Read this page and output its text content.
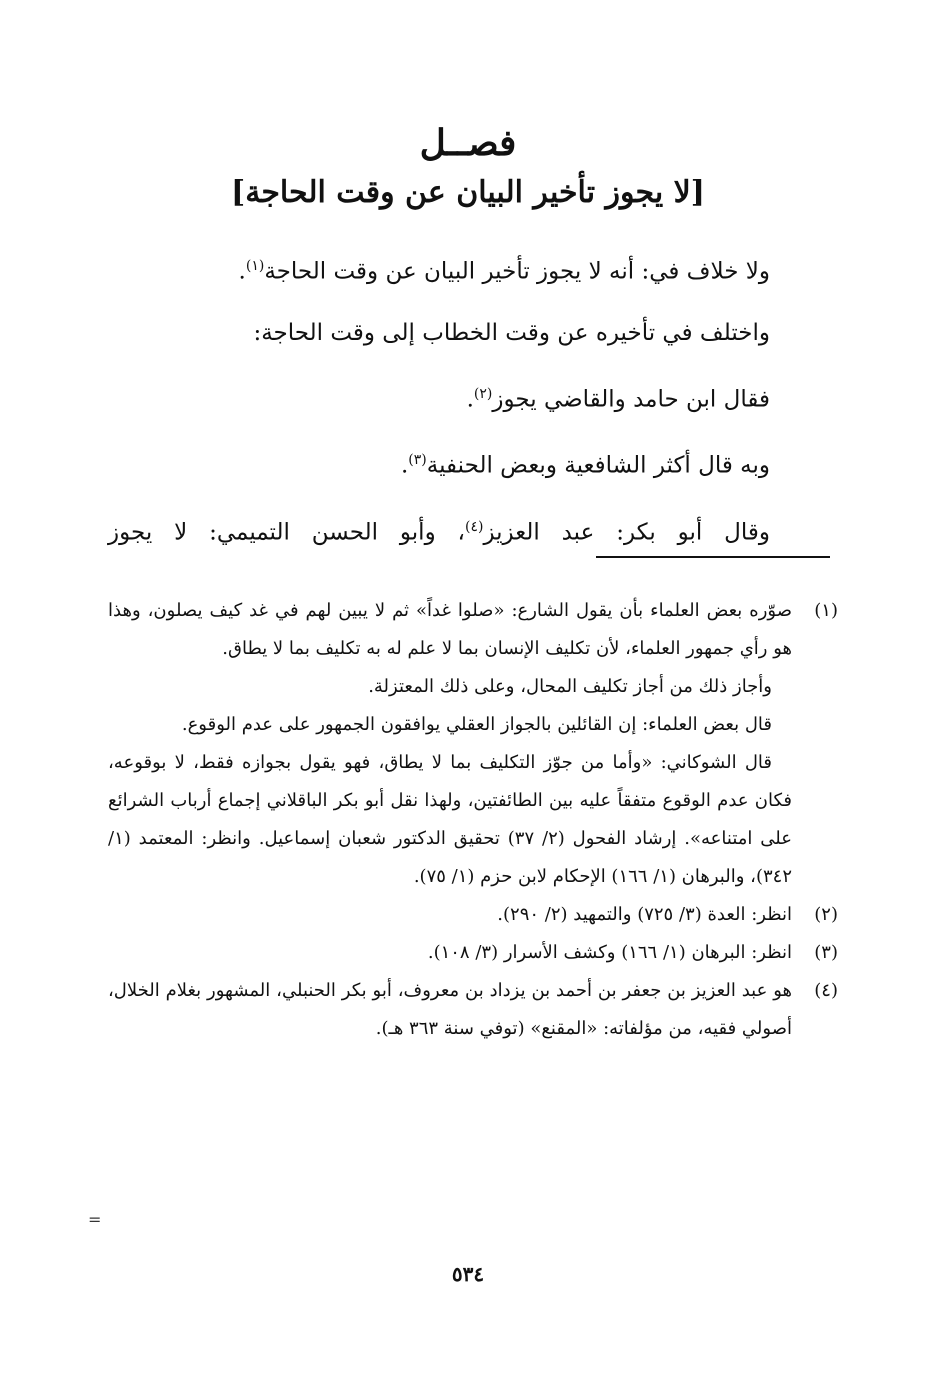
فصــل
[لا يجوز تأخير البيان عن وقت الحاجة]

ولا خلاف في: أنه لا يجوز تأخير البيان عن وقت الحاجة$^{(١)}$.

واختلف في تأخيره عن وقت الخطاب إلى وقت الحاجة:

فقال ابن حامد والقاضي يجوز$^{(٢)}$.

وبه قال أكثر الشافعية وبعض الحنفية$^{(٣)}$.

وقال أبو بكر: عبد العزيز$^{(٤)}$، وأبو الحسن التميمي: لا يجوز

(١)

صوّره بعض العلماء بأن يقول الشارع: «صلوا غداً» ثم لا يبين لهم في غد كيف يصلون، وهذا هو رأي جمهور العلماء، لأن تكليف الإنسان بما لا علم له به تكليف بما لا يطاق.

وأجاز ذلك من أجاز تكليف المحال، وعلى ذلك المعتزلة.

قال بعض العلماء: إن القائلين بالجواز العقلي يوافقون الجمهور على عدم الوقوع.

قال الشوكاني: «وأما من جوّز التكليف بما لا يطاق، فهو يقول بجوازه فقط، لا بوقوعه، فكان عدم الوقوع متفقاً عليه بين الطائفتين، ولهذا نقل أبو بكر الباقلاني إجماع أرباب الشرائع على امتناعه». إرشاد الفحول (٢/ ٣٧) تحقيق الدكتور شعبان إسماعيل. وانظر: المعتمد (١/ ٣٤٢)، والبرهان (١/ ١٦٦) الإحكام لابن حزم (١/ ٧٥).

(٢)

انظر: العدة (٣/ ٧٢٥) والتمهيد (٢/ ٢٩٠).

(٣)

انظر: البرهان (١/ ١٦٦) وكشف الأسرار (٣/ ١٠٨).

(٤)

هو عبد العزيز بن جعفر بن أحمد بن يزداد بن معروف، أبو بكر الحنبلي، المشهور بغلام الخلال، أصولي فقيه، من مؤلفاته: «المقنع» (توفي سنة ٣٦٣ هـ).

=
٥٣٤
